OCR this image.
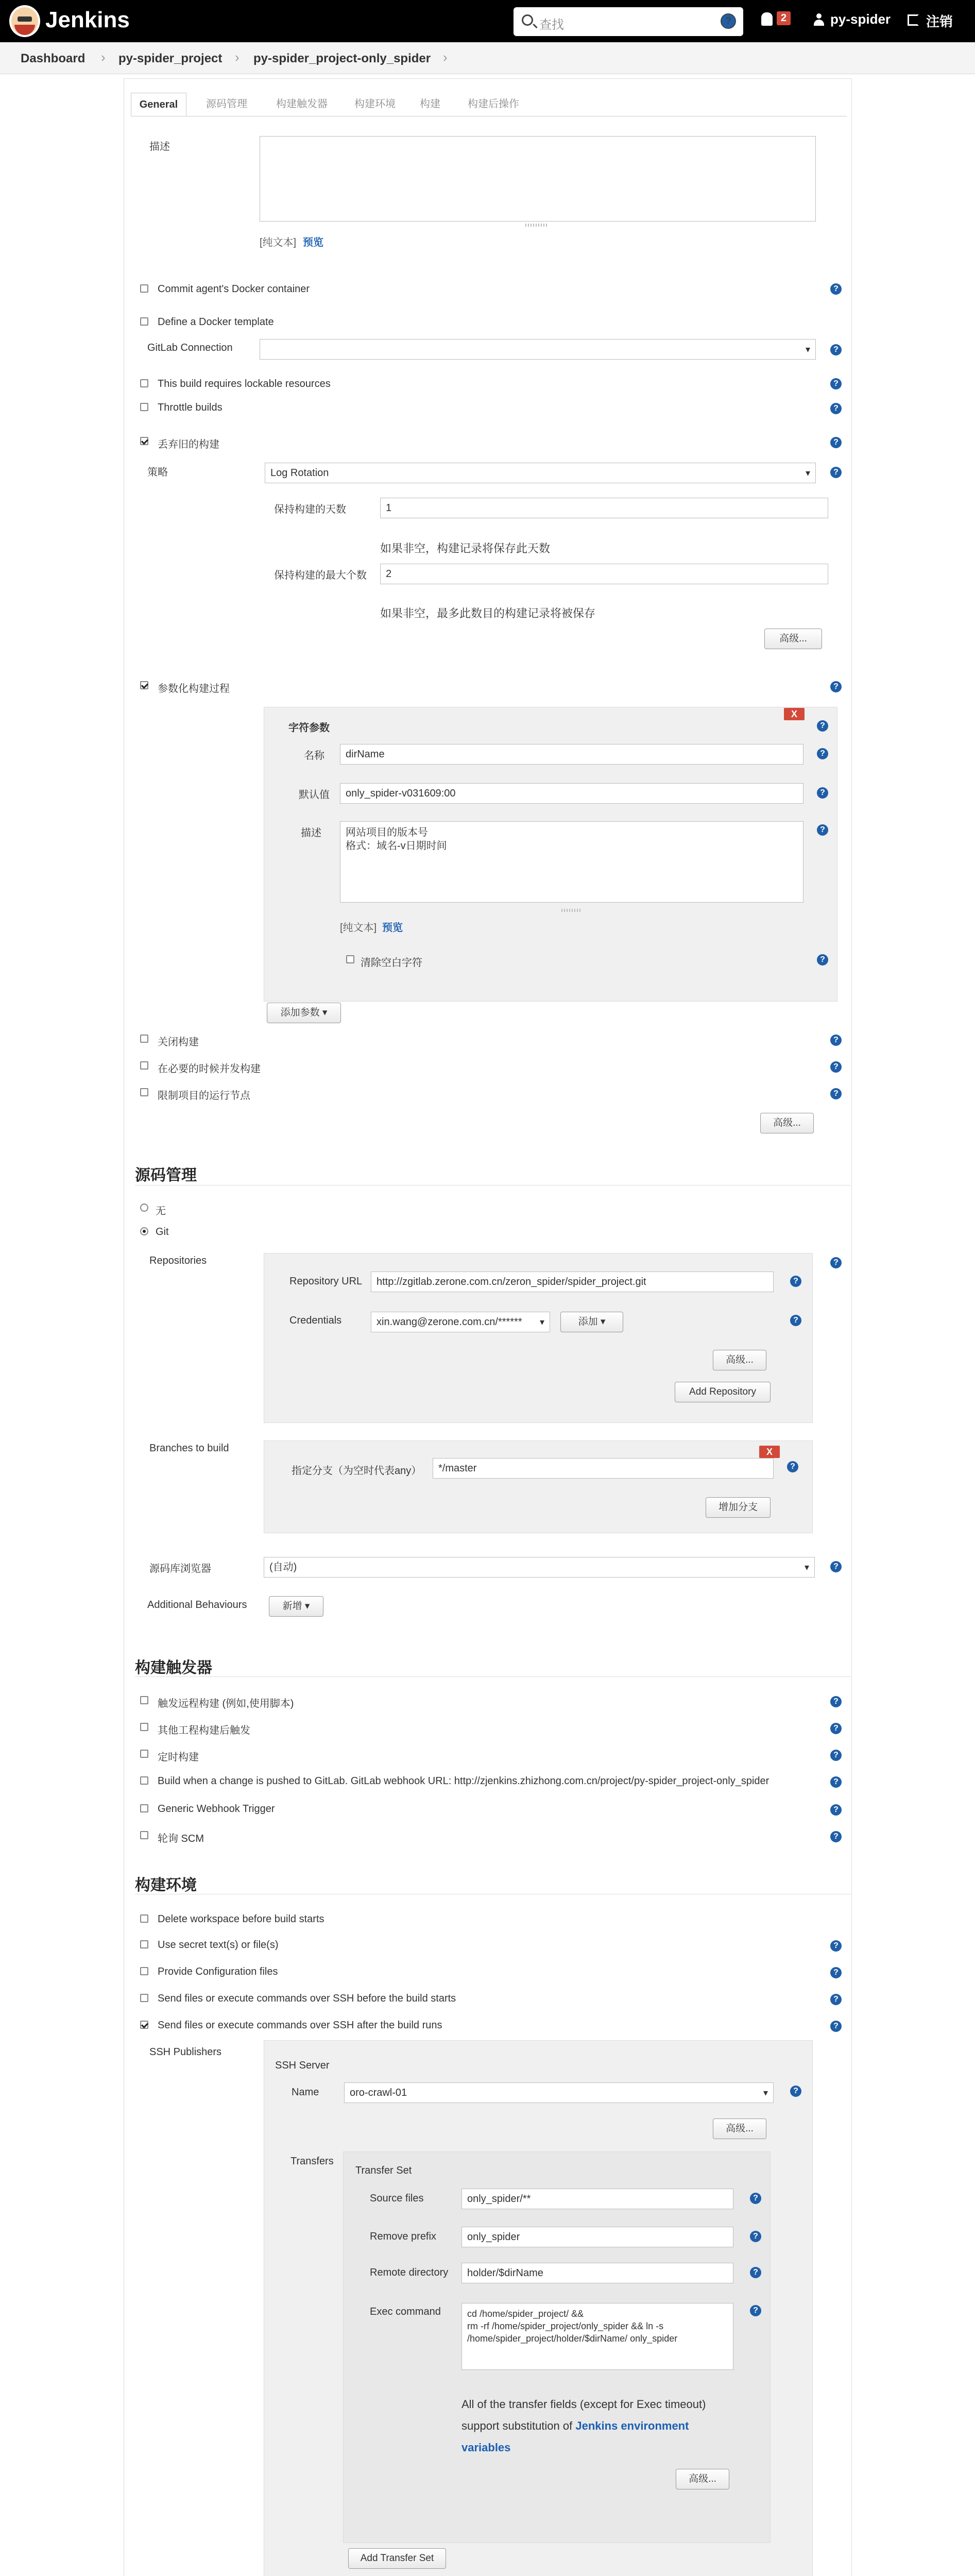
Jenkins	查找	?	2	py-spider	注销
Dashboard › py-spider_project › py-spider_project-only_spider ›
General	源码管理	构建触发器	构建环境	构建	构建后操作
描述
[纯文本] 预览
Commit agent's Docker container	?
Define a Docker template
GitLab Connection
▾	?
This build requires lockable resources	?
Throttle builds	?
丢弃旧的构建	?
策略	Log Rotation ▾	?
保持构建的天数	1
如果非空，构建记录将保存此天数
保持构建的最大个数	2
如果非空，最多此数目的构建记录将被保存
高级...
参数化构建过程	?
X
字符参数	?
名称	dirName	?
默认值	only_spider-v031609:00	?
描述 网站项目的版本号
格式：域名-v日期时间
?
[纯文本] 预览
清除空白字符	?
添加参数 ▾
关闭构建	?
在必要的时候并发构建	?
限制项目的运行节点	?
高级...
源码管理
无
Git
Repositories	?
Repository URL	http://zgitlab.zerone.com.cn/zeron_spider/spider_project.git	?
Credentials	xin.wang@zerone.com.cn/****** ▾	添加 ▾	?
高级...
Add Repository
Branches to build	X
指定分支（为空时代表any）	*/master	?
增加分支
源码库浏览器	(自动) ▾	?
Additional Behaviours	新增 ▾
构建触发器
触发远程构建 (例如,使用脚本)	?
其他工程构建后触发	?
定时构建	?
Build when a change is pushed to GitLab. GitLab webhook URL: http://zjenkins.zhizhong.com.cn/project/py-spider_project-only_spider	?
Generic Webhook Trigger	?
轮询 SCM	?
构建环境
Delete workspace before build starts
Use secret text(s) or file(s)	?
Provide Configuration files	?
Send files or execute commands over SSH before the build starts	?
Send files or execute commands over SSH after the build runs	?
SSH Publishers
SSH Server
Name	oro-crawl-01 ▾	?
高级...
Transfers
Transfer Set
Source files	only_spider/**	?
Remove prefix	only_spider	?
Remote directory	holder/$dirName	?
Exec command	cd /home/spider_project/ &&
rm -rf /home/spider_project/only_spider && ln -s
/home/spider_project/holder/$dirName/ only_spider
?
All of the transfer fields (except for Exec timeout)
support substitution of Jenkins environment
variables
高级...
Add Transfer Set
